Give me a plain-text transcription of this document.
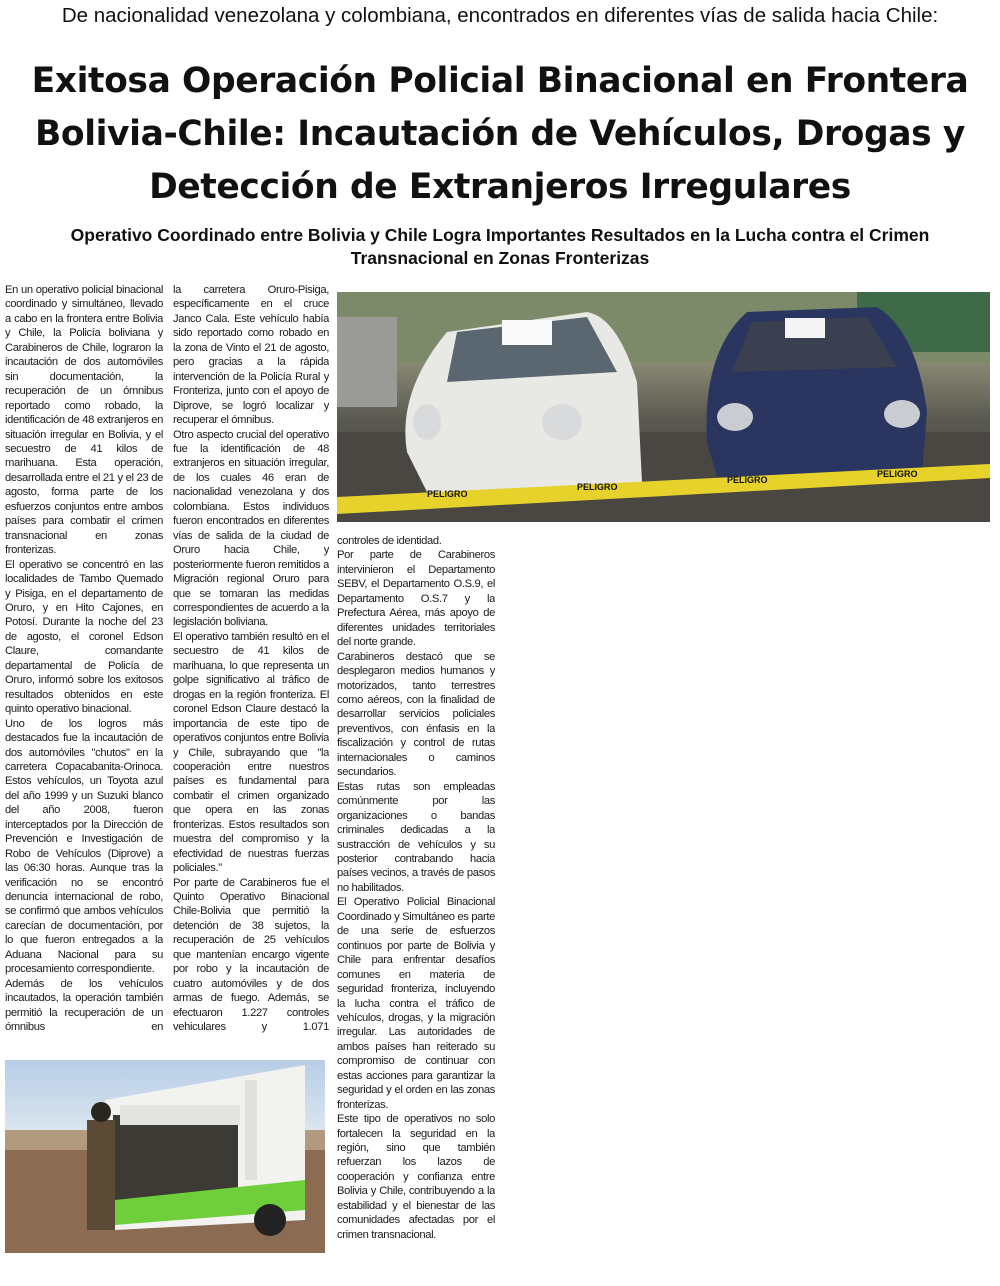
De nacionalidad venezolana y colombiana, encontrados en diferentes vías de salida hacia Chile:
Exitosa Operación Policial Binacional en Frontera
Bolivia-Chile: Incautación de Vehículos, Drogas y
Detección de Extranjeros Irregulares
Operativo Coordinado entre Bolivia y Chile Logra Importantes Resultados en la Lucha contra el Crimen
Transnacional en Zonas Fronterizas

En un operativo policial binacional coordinado y simultáneo, llevado a cabo en la frontera entre Bolivia y Chile, la Policía boliviana y Carabineros de Chile, lograron la incautación de dos automóviles sin documentación, la recuperación de un ómnibus reportado como robado, la identificación de 48 extranjeros en situación irregular en Bolivia, y el secuestro de 41 kilos de marihuana. Esta operación, desarrollada entre el 21 y el 23 de agosto, forma parte de los esfuerzos conjuntos entre ambos países para combatir el crimen transnacional en zonas fronterizas.

El operativo se concentró en las localidades de Tambo Quemado y Pisiga, en el departamento de Oruro, y en Hito Cajones, en Potosí. Durante la noche del 23 de agosto, el coronel Edson Claure, comandante departamental de Policía de Oruro, informó sobre los exitosos resultados obtenidos en este quinto operativo binacional.

Uno de los logros más destacados fue la incautación de dos automóviles "chutos" en la carretera Copacabanita-Orinoca. Estos vehículos, un Toyota azul del año 1999 y un Suzuki blanco del año 2008, fueron interceptados por la Dirección de Prevención e Investigación de Robo de Vehículos (Diprove) a las 06:30 horas. Aunque tras la verificación no se encontró denuncia internacional de robo, se confirmó que ambos vehículos carecían de documentación, por lo que fueron entregados a la Aduana Nacional para su procesamiento correspondiente.

Además de los vehículos incautados, la operación también permitió la recuperación de un ómnibus en

la carretera Oruro-Pisiga, específicamente en el cruce Janco Cala. Este vehículo había sido reportado como robado en la zona de Vinto el 21 de agosto, pero gracias a la rápida intervención de la Policía Rural y Fronteriza, junto con el apoyo de Diprove, se logró localizar y recuperar el ómnibus.

Otro aspecto crucial del operativo fue la identificación de 48 extranjeros en situación irregular, de los cuales 46 eran de nacionalidad venezolana y dos colombiana. Estos individuos fueron encontrados en diferentes vías de salida de la ciudad de Oruro hacia Chile, y posteriormente fueron remitidos a Migración regional Oruro para que se tomaran las medidas correspondientes de acuerdo a la legislación boliviana.

El operativo también resultó en el secuestro de 41 kilos de marihuana, lo que representa un golpe significativo al tráfico de drogas en la región fronteriza. El coronel Edson Claure destacó la importancia de este tipo de operativos conjuntos entre Bolivia y Chile, subrayando que "la cooperación entre nuestros países es fundamental para combatir el crimen organizado que opera en las zonas fronterizas. Estos resultados son muestra del compromiso y la efectividad de nuestras fuerzas policiales."

Por parte de Carabineros fue el Quinto Operativo Binacional Chile-Bolivia que permitió la detención de 38 sujetos, la recuperación de 25 vehículos que mantenían encargo vigente por robo y la incautación de cuatro automóviles y de dos armas de fuego. Además, se efectuaron 1.227 controles vehiculares y 1.071

controles de identidad.

Por parte de Carabineros intervinieron el Departamento SEBV, el Departamento O.S.9, el Departamento O.S.7 y la Prefectura Aérea, más apoyo de diferentes unidades territoriales del norte grande.

Carabineros destacó que se desplegaron medios humanos y motorizados, tanto terrestres como aéreos, con la finalidad de desarrollar servicios policiales preventivos, con énfasis en la fiscalización y control de rutas internacionales o caminos secundarios.

Estas rutas son empleadas comúnmente por las organizaciones o bandas criminales dedicadas a la sustracción de vehículos y su posterior contrabando hacia países vecinos, a través de pasos no habilitados.

El Operativo Policial Binacional Coordinado y Simultáneo es parte de una serie de esfuerzos continuos por parte de Bolivia y Chile para enfrentar desafíos comunes en materia de seguridad fronteriza, incluyendo la lucha contra el tráfico de vehículos, drogas, y la migración irregular. Las autoridades de ambos países han reiterado su compromiso de continuar con estas acciones para garantizar la seguridad y el orden en las zonas fronterizas.

Este tipo de operativos no solo fortalecen la seguridad en la región, sino que también refuerzan los lazos de cooperación y confianza entre Bolivia y Chile, contribuyendo a la estabilidad y el bienestar de las comunidades afectadas por el crimen transnacional.

PELIGRO
PELIGRO
PELIGRO
PELIGRO
